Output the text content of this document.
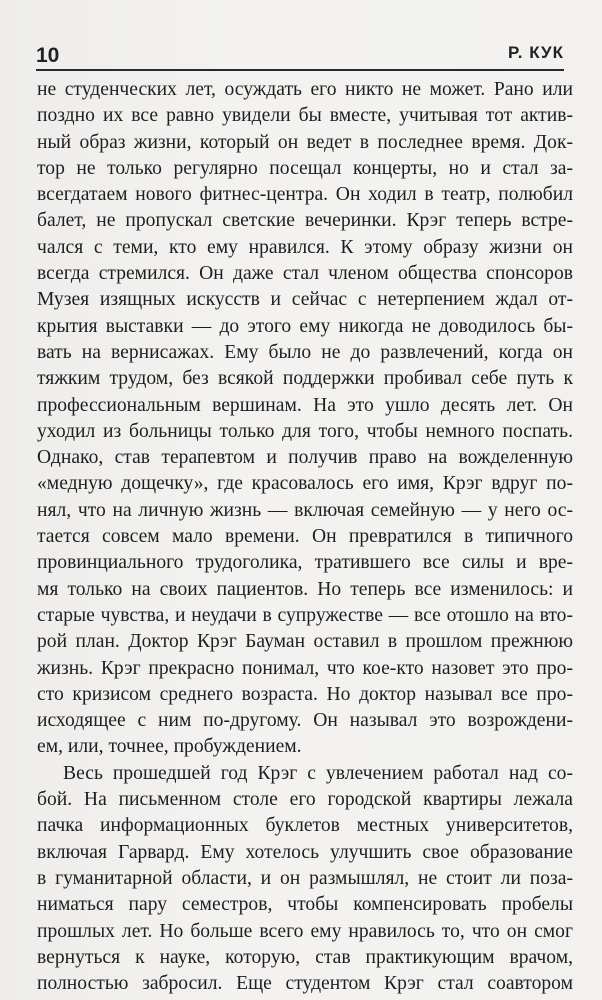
10	Р. КУК
не студенческих лет, осуждать его никто не может. Рано или
поздно их все равно увидели бы вместе, учитывая тот актив-
ный образ жизни, который он ведет в последнее время. Док-
тор не только регулярно посещал концерты, но и стал за-
всегдатаем нового фитнес-центра. Он ходил в театр, полюбил
балет, не пропускал светские вечеринки. Крэг теперь встре-
чался с теми, кто ему нравился. К этому образу жизни он
всегда стремился. Он даже стал членом общества спонсоров
Музея изящных искусств и сейчас с нетерпением ждал от-
крытия выставки — до этого ему никогда не доводилось бы-
вать на вернисажах. Ему было не до развлечений, когда он
тяжким трудом, без всякой поддержки пробивал себе путь к
профессиональным вершинам. На это ушло десять лет. Он
уходил из больницы только для того, чтобы немного поспать.
Однако, став терапевтом и получив право на вожделенную
«медную дощечку», где красовалось его имя, Крэг вдруг по-
нял, что на личную жизнь — включая семейную — у него ос-
тается совсем мало времени. Он превратился в типичного
провинциального трудоголика, тратившего все силы и вре-
мя только на своих пациентов. Но теперь все изменилось: и
старые чувства, и неудачи в супружестве — все отошло на вто-
рой план. Доктор Крэг Бауман оставил в прошлом прежнюю
жизнь. Крэг прекрасно понимал, что кое-кто назовет это про-
сто кризисом среднего возраста. Но доктор называл все про-
исходящее с ним по-другому. Он называл это возрождени-
ем, или, точнее, пробуждением.
Весь прошедшей год Крэг с увлечением работал над со-
бой. На письменном столе его городской квартиры лежала
пачка информационных буклетов местных университетов,
включая Гарвард. Ему хотелось улучшить свое образование
в гуманитарной области, и он размышлял, не стоит ли поза-
ниматься пару семестров, чтобы компенсировать пробелы
прошлых лет. Но больше всего ему нравилось то, что он смог
вернуться к науке, которую, став практикующим врачом,
полностью забросил. Еще студентом Крэг стал соавтором
